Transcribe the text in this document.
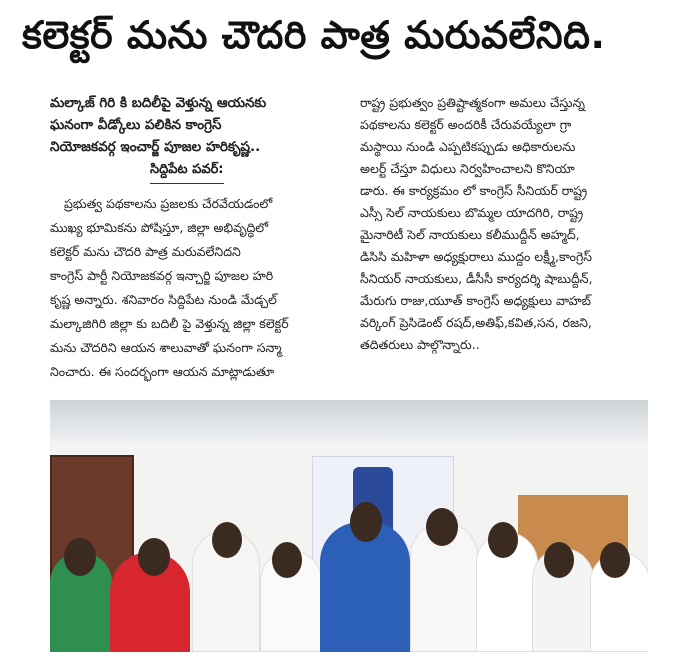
కలెక్టర్ మను చౌదరి పాత్ర మరువలేనిది.
మల్కాజ్ గిరి కి బదిలీపై వెళ్తున్న ఆయనకు
ఘనంగా వీడ్కోలు పలికిన కాంగ్రెస్
నియోజకవర్గ ఇంచార్జ్ పూజల హరికృష్ణ..
సిద్దిపేట పవర్:
ప్రభుత్వ పథకాలను ప్రజలకు చేరవేయడంలో
ముఖ్య భూమికను పోషిస్తూ, జిల్లా అభివృద్ధిలో
కలెక్టర్ మను చౌదరి పాత్ర మరువలేనిదని
కాంగ్రెస్ పార్టీ నియోజకవర్గ ఇన్చార్జి పూజల హరి
కృష్ణ అన్నారు. శనివారం సిద్దిపేట నుండి మేడ్చల్
మల్కాజిగిరి జిల్లా కు బదిలీ పై వెళ్తున్న జిల్లా కలెక్టర్
మను చౌదరిని ఆయన శాలువాతో ఘనంగా సన్మా
నించారు. ఈ సందర్భంగా ఆయన మాట్లాడుతూ
రాష్ట్ర ప్రభుత్వం ప్రతిష్టాత్మకంగా అమలు చేస్తున్న
పథకాలను కలెక్టర్ అందరికీ చేరువయ్యేలా గ్రా
మస్థాయి నుండి ఎప్పటికప్పుడు అధికారులను
అలర్ట్ చేస్తూ విధులు నిర్వహించాలని కొనియా
డారు. ఈ కార్యక్రమం లో కాంగ్రెస్ సీనియర్ రాష్ట్ర
ఎస్సీ సెల్ నాయకులు బొమ్మల యాదగిరి, రాష్ట్ర
మైనారిటీ సెల్ నాయకులు కలీముద్దీన్ అహ్మద్,
డిసిసి మహిళా అధ్యక్షురాలు ముద్దం లక్ష్మీ,కాంగ్రెస్
సీనియర్ నాయకులు, డీసీసీ కార్యదర్శి షాబుద్దీన్,
మేరుగు రాజు,యూత్ కాంగ్రెస్ అధ్యక్షులు వాహబ్
వర్కింగ్ ప్రెసిడెంట్ రషద్,అతిఫ్,కవిత,సన, రజని,
తదితరులు పాల్గొన్నారు..
